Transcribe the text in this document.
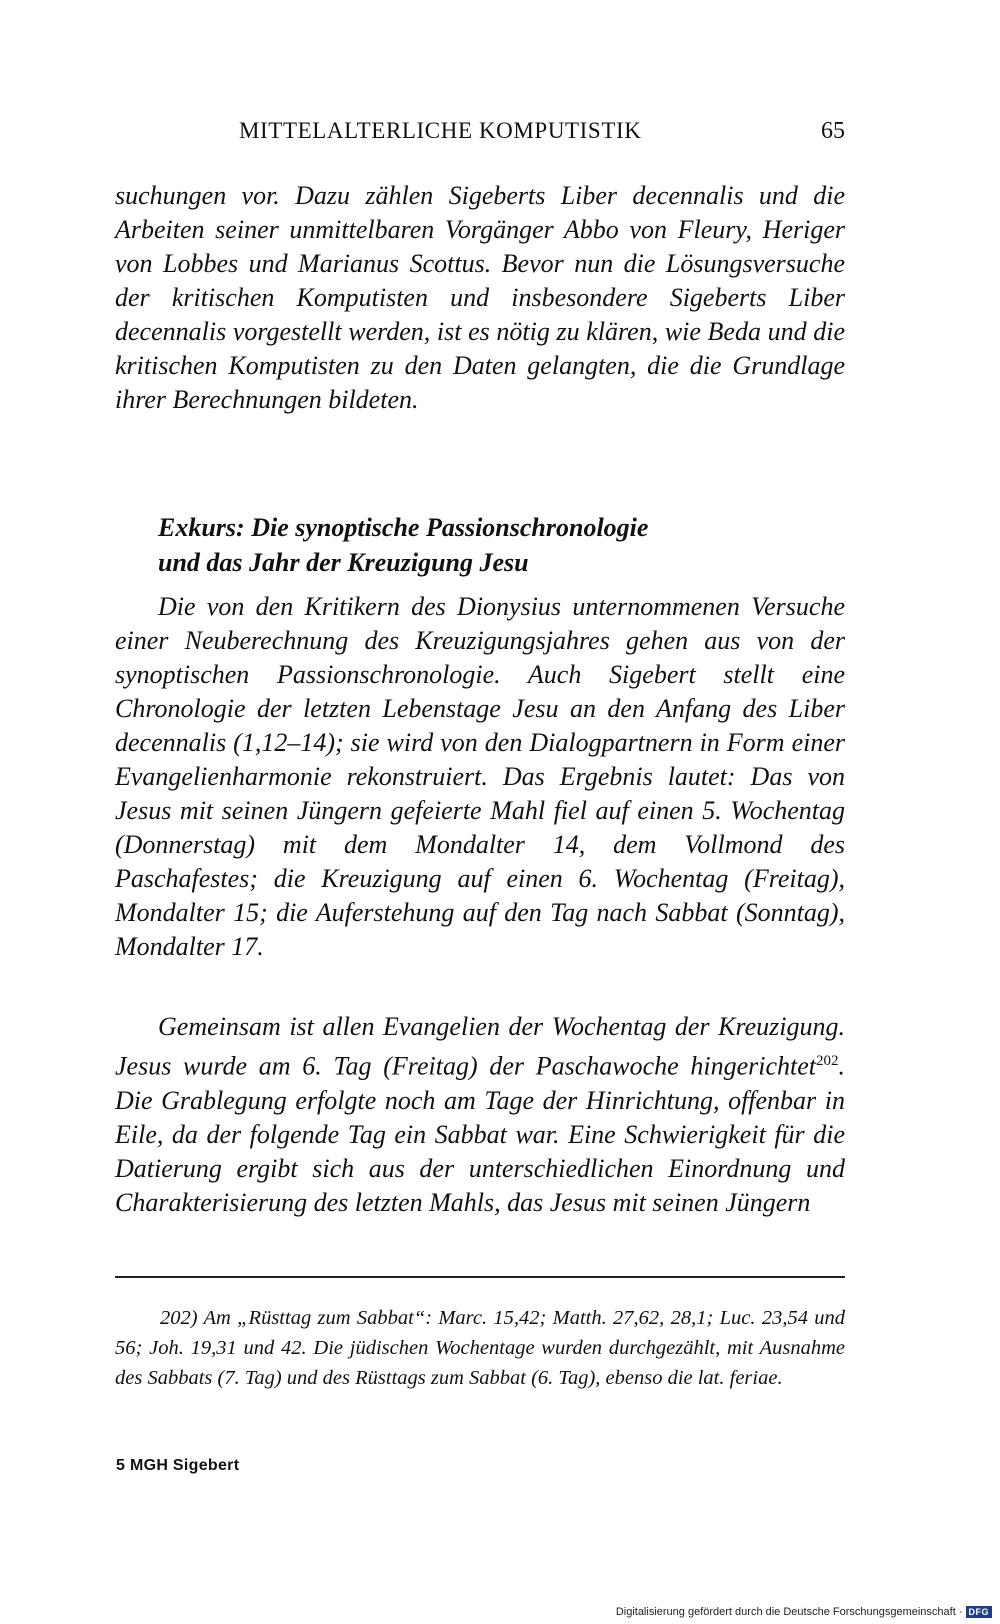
MITTELALTERLICHE KOMPUTISTIK	65

suchungen vor. Dazu zählen Sigeberts Liber decennalis und die Arbeiten seiner unmittelbaren Vorgänger Abbo von Fleury, Heriger von Lobbes und Marianus Scottus. Bevor nun die Lösungsversuche der kritischen Komputisten und insbesondere Sigeberts Liber decennalis vorgestellt werden, ist es nötig zu klären, wie Beda und die kritischen Komputisten zu den Daten gelangten, die die Grundlage ihrer Berechnungen bildeten.

Exkurs: Die synoptische Passionschronologie
und das Jahr der Kreuzigung Jesu

Die von den Kritikern des Dionysius unternommenen Versuche einer Neuberechnung des Kreuzigungsjahres gehen aus von der synoptischen Passionschronologie. Auch Sigebert stellt eine Chronologie der letzten Lebenstage Jesu an den Anfang des Liber decennalis (1,12–14); sie wird von den Dialogpartnern in Form einer Evangelienharmonie rekonstruiert. Das Ergebnis lautet: Das von Jesus mit seinen Jüngern gefeierte Mahl fiel auf einen 5. Wochentag (Donnerstag) mit dem Mondalter 14, dem Vollmond des Paschafestes; die Kreuzigung auf einen 6. Wochentag (Freitag), Mondalter 15; die Auferstehung auf den Tag nach Sabbat (Sonntag), Mondalter 17.

Gemeinsam ist allen Evangelien der Wochentag der Kreuzigung. Jesus wurde am 6. Tag (Freitag) der Paschawoche hingerichtet$^{202}$. Die Grablegung erfolgte noch am Tage der Hinrichtung, offenbar in Eile, da der folgende Tag ein Sabbat war. Eine Schwierigkeit für die Datierung ergibt sich aus der unterschiedlichen Einordnung und Charakterisierung des letzten Mahls, das Jesus mit seinen Jüngern

202) Am „Rüsttag zum Sabbat“: Marc. 15,42; Matth. 27,62, 28,1; Luc. 23,54 und 56; Joh. 19,31 und 42. Die jüdischen Wochentage wurden durchgezählt, mit Ausnahme des Sabbats (7. Tag) und des Rüsttags zum Sabbat (6. Tag), ebenso die lat. feriae.

5 MGH Sigebert
Digitalisierung gefördert durch die Deutsche Forschungsgemeinschaft · DFG
